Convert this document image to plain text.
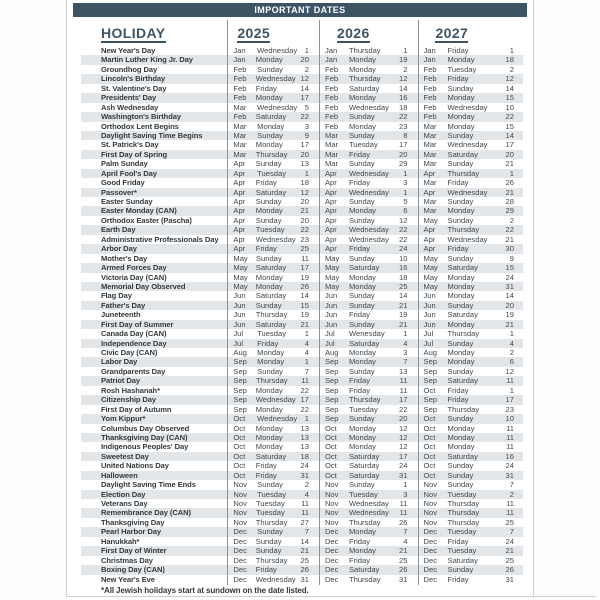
IMPORTANT DATES
HOLIDAY	2025	2026	2027
New Year's Day	Jan	Wednesday 1	Jan	Thursday	1	Jan	Friday	1
Martin Luther King Jr. Day	Jan	Monday	20	Jan	Monday	19	Jan	Monday	18
Groundhog Day	Feb	Sunday	2	Feb	Monday	2	Feb	Tuesday	2
Lincoln's Birthday	Feb	Wednesday 12	Feb	Thursday	12	Feb	Friday	12
St. Valentine's Day	Feb	Friday	14	Feb	Saturday	14	Feb	Sunday	14
Presidents' Day	Feb	Monday	17	Feb	Monday	16	Feb	Monday	15
Ash Wednesday	Mar	Wednesday 5	Feb	Wednesday	18	Feb	Wednesday	10
Washington's Birthday	Feb	Saturday	22	Feb	Sunday	22	Feb	Monday	22
Orthodox Lent Begins	Mar	Monday	3	Feb	Monday	23	Mar	Monday	15
Daylight Saving Time Begins	Mar	Sunday	9	Mar	Sunday	8	Mar	Sunday	14
St. Patrick's Day	Mar	Monday	17	Mar	Tuesday	17	Mar	Wednesday	17
First Day of Spring	Mar	Thursday	20	Mar	Friday	20	Mar	Saturday	20
Palm Sunday	Apr	Sunday	13	Mar	Sunday	29	Mar	Sunday	21
April Fool's Day	Apr	Tuesday	1	Apr	Wednesday	1	Apr	Thursday	1
Good Friday	Apr	Friday	18	Apr	Friday	3	Mar	Friday	26
Passover*	Apr	Saturday	12	Apr	Wednesday	1	Apr	Wednesday	21
Easter Sunday	Apr	Sunday	20	Apr	Sunday	5	Mar	Sunday	28
Easter Monday (CAN)	Apr	Monday	21	Apr	Monday	6	Mar	Monday	29
Orthodox Easter (Pascha)	Apr	Sunday	20	Apr	Sunday	12	May	Sunday	2
Earth Day	Apr	Tuesday	22	Apr	Wednesday	22	Apr	Thursday	22
Administrative Professionals Day	Apr	Wednesday 23	Apr	Wednesday	22	Apr	Wednesday	21
Arbor Day	Apr	Friday	25	Apr	Friday	24	Apr	Friday	30
Mother's Day	May	Sunday	11	May	Sunday	10	May	Sunday	9
Armed Forces Day	May	Saturday	17	May	Saturday	16	May	Saturday	15
Victoria Day (CAN)	May	Monday	19	May	Monday	18	May	Monday	24
Memorial Day Observed	May	Monday	26	May	Monday	25	May	Monday	31
Flag Day	Jun	Saturday	14	Jun	Sunday	14	Jun	Monday	14
Father's Day	Jun	Sunday	15	Jun	Sunday	21	Jun	Sunday	20
Juneteenth	Jun	Thursday	19	Jun	Friday	19	Jun	Saturday	19
First Day of Summer	Jun	Saturday	21	Jun	Sunday	21	Jun	Monday	21
Canada Day (CAN)	Jul	Tuesday	1	Jul	Wenesday	1	Jul	Thursday	1
Independence Day	Jul	Friday	4	Jul	Saturday	4	Jul	Sunday	4
Civic Day (CAN)	Aug	Monday	4	Aug	Monday	3	Aug	Monday	2
Labor Day	Sep	Monday	1	Sep	Monday	7	Sep	Monday	6
Grandparents Day	Sep	Sunday	7	Sep	Sunday	13	Sep	Sunday	12
Patriot Day	Sep	Thursday	11	Sep	Friday	11	Sep	Saturday	11
Rosh Hashanah*	Sep	Monday	22	Sep	Friday	11	Oct	Friday	1
Citizenship Day	Sep	Wednesday 17	Sep	Thursday	17	Sep	Friday	17
First Day of Autumn	Sep	Monday	22	Sep	Tuesday	22	Sep	Thursday	23
Yom Kippur*	Oct	Wednesday 1	Sep	Sunday	20	Oct	Sunday	10
Columbus Day Observed	Oct	Monday	13	Oct	Monday	12	Oct	Monday	11
Thanksgiving Day (CAN)	Oct	Monday	13	Oct	Monday	12	Oct	Monday	11
Indigenous Peoples' Day	Oct	Monday	13	Oct	Monday	12	Oct	Monday	11
Sweetest Day	Oct	Saturday	18	Oct	Saturday	17	Oct	Saturday	16
United Nations Day	Oct	Friday	24	Oct	Saturday	24	Oct	Sunday	24
Halloween	Oct	Friday	31	Oct	Saturday	31	Oct	Sunday	31
Daylight Saving Time Ends	Nov	Sunday	2	Nov	Sunday	1	Nov	Sunday	7
Election Day	Nov	Tuesday	4	Nov	Tuesday	3	Nov	Tuesday	2
Veterans Day	Nov	Tuesday	11	Nov	Wednesday	11	Nov	Thursday	11
Remembrance Day (CAN)	Nov	Tuesday	11	Nov	Wednesday	11	Nov	Thursday	11
Thanksgiving Day	Nov	Thursday	27	Nov	Thursday	26	Nov	Thursday	25
Pearl Harbor Day	Dec	Sunday	7	Dec	Monday	7	Dec	Tuesday	7
Hanukkah*	Dec	Sunday	14	Dec	Friday	4	Dec	Friday	24
First Day of Winter	Dec	Sunday	21	Dec	Monday	21	Dec	Tuesday	21
Christmas Day	Dec	Thursday	25	Dec	Friday	25	Dec	Saturday	25
Boxing Day (CAN)	Dec	Friday	26	Dec	Saturday	26	Dec	Sunday	26
New Year's Eve	Dec	Wednesday 31	Dec	Thursday	31	Dec	Friday	31
*All Jewish holidays start at sundown on the date listed.
